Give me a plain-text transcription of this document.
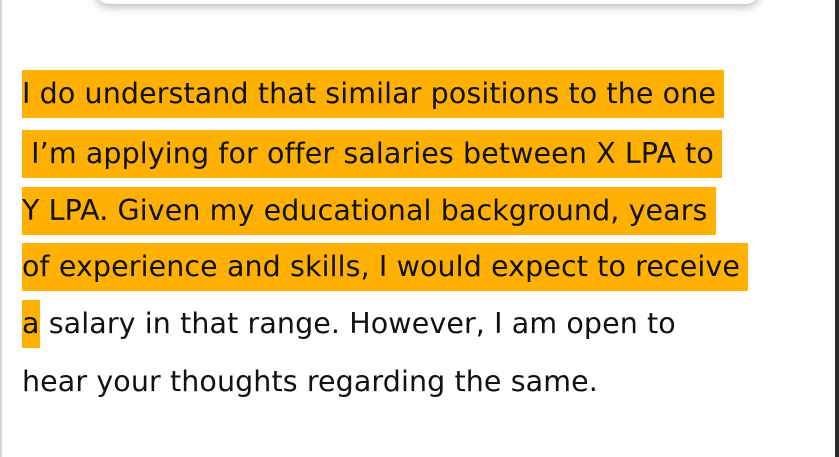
I do understand that similar positions to the one
I’m applying for offer salaries between X LPA to
Y LPA. Given my educational background, years
of experience and skills, I would expect to receive
a salary in that range. However, I am open to
hear your thoughts regarding the same.
